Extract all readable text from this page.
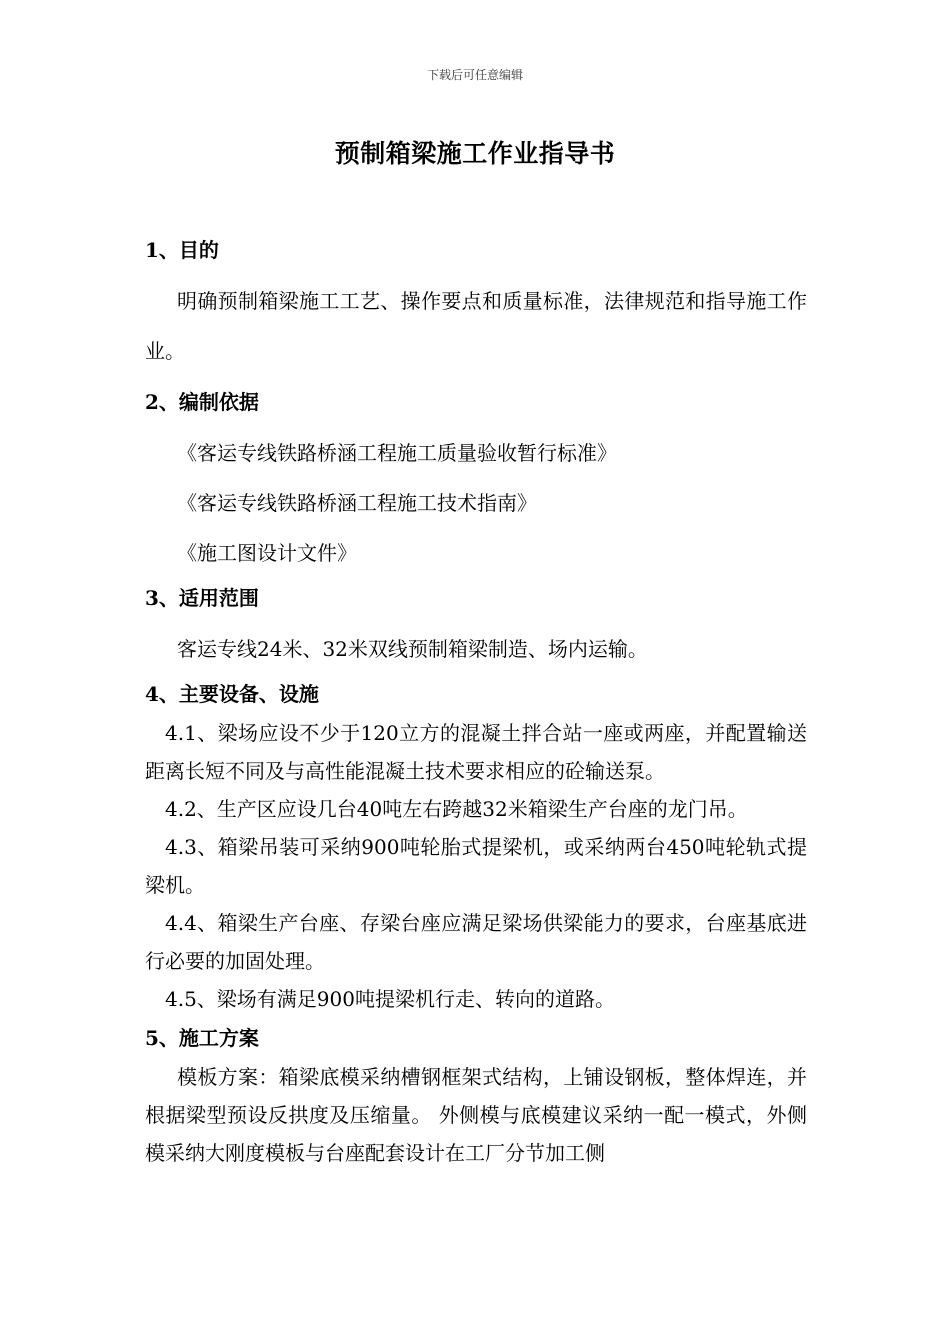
下载后可任意编辑
预制箱梁施工作业指导书

1、目的

明确预制箱梁施工工艺、操作要点和质量标准，法律规范和指导施工作业。

2、编制依据

《客运专线铁路桥涵工程施工质量验收暂行标准》

《客运专线铁路桥涵工程施工技术指南》

《施工图设计文件》

3、适用范围

客运专线24米、32米双线预制箱梁制造、场内运输。

4、主要设备、设施

4.1、梁场应设不少于120立方的混凝土拌合站一座或两座，并配置输送距离长短不同及与高性能混凝土技术要求相应的砼输送泵。

4.2、生产区应设几台40吨左右跨越32米箱梁生产台座的龙门吊。

4.3、箱梁吊装可采纳900吨轮胎式提梁机，或采纳两台450吨轮轨式提梁机。

4.4、箱梁生产台座、存梁台座应满足梁场供梁能力的要求，台座基底进行必要的加固处理。

4.5、梁场有满足900吨提梁机行走、转向的道路。

5、施工方案

模板方案：箱梁底模采纳槽钢框架式结构，上铺设钢板，整体焊连，并根据梁型预设反拱度及压缩量。 外侧模与底模建议采纳一配一模式，外侧模采纳大刚度模板与台座配套设计在工厂分节加工侧
